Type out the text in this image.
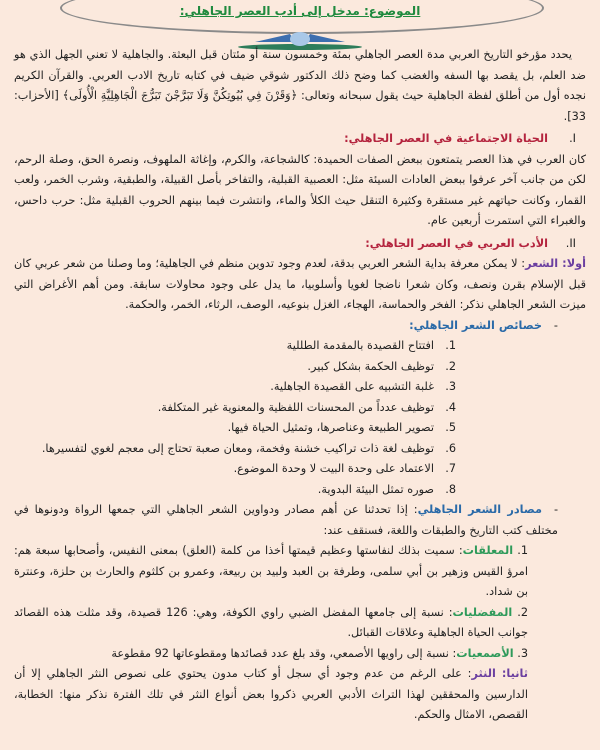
الموضوع: مدخل إلى أدب العصر الجاهلي:

يحدد مؤرخو التاريخ العربي مدة العصر الجاهلي بمئة وخمسون سنة أو مئتان قبل البعثة. والجاهلية لا تعني الجهل الذي هو ضد العلم، بل يقصد بها السفه والغضب كما وضح ذلك الدكتور شوقي ضيف في كتابه تاريخ الادب العربي. والقرآن الكريم نجده أول من أطلق لفظة الجاهلية حيث يقول سبحانه وتعالى: ﴿وَقَرْنَ فِي بُيُوتِكُنَّ وَلَا تَبَرَّجْنَ تَبَرُّجَ الْجَاهِلِيَّةِ الْأُولَى﴾ [الأحزاب: 33].

I.الحياة الاجتماعية في العصر الجاهلي:

كان العرب في هذا العصر يتمتعون ببعض الصفات الحميدة: كالشجاعة، والكرم، وإغاثة الملهوف، ونصرة الحق، وصلة الرحم، لكن من جانب آخر عرفوا ببعض العادات السيئة مثل: العصبية القبلية، والتفاخر بأصل القبيلة، والطبقية، وشرب الخمر، ولعب القمار، وكانت حياتهم غير مستقرة وكثيرة التنقل حيث الكلأ والماء، وانتشرت فيما بينهم الحروب القبلية مثل: حرب داحس، والغبراء التي استمرت أربعين عام.

II.الأدب العربي في العصر الجاهلي:

أولا: الشعر: لا يمكن معرفة بداية الشعر العربي بدقة، لعدم وجود تدوين منظم في الجاهلية؛ وما وصلنا من شعر عربي كان قبل الإسلام بقرن ونصف، وكان شعرا ناضجا لغويا وأسلوبيا، ما يدل على وجود محاولات سابقة. ومن أهم الأغراض التي ميزت الشعر الجاهلي نذكر: الفخر والحماسة، الهجاء، الغزل بنوعيه، الوصف، الرثاء، الخمر، والحكمة.

-خصائص الشعر الجاهلي:

1.افتتاح القصيدة بالمقدمة الطللية

2.توظيف الحكمة بشكل كبير.

3.غلبة التشبيه على القصيدة الجاهلية.

4.توظيف عدداً من المحسنات اللفظية والمعنوية غير المتكلفة.

5.تصوير الطبيعة وعناصرها، وتمثيل الحياة فيها.

6.توظيف لغة ذات تراكيب خشنة وفخمة، ومعان صعبة تحتاج إلى معجم لغوي لتفسيرها.

7.الاعتماد على وحدة البيت لا وحدة الموضوع.

8.صوره تمثل البيئة البدوية.

-مصادر الشعر الجاهلي: إذا تحدثنا عن أهم مصادر ودواوين الشعر الجاهلي التي جمعها الرواة ودونوها في مختلف كتب التاريخ والطبقات واللغة، فسنقف عند:

1. المعلقات: سميت بذلك لنفاستها وعظيم قيمتها أخذا من كلمة (العلق) بمعنى النفيس، وأصحابها سبعة هم: امرؤ القيس وزهير بن أبي سلمى، وطرفة بن العبد ولبيد بن ربيعة، وعمرو بن كلثوم والحارث بن حلزة، وعنترة بن شداد.

2. المفضليات: نسبة إلى جامعها المفضل الضبي راوي الكوفة، وهي: 126 قصيدة، وقد مثلت هذه القصائد جوانب الحياة الجاهلية وعلاقات القبائل.

3. الأصمعيات: نسبة إلى راويها الأصمعي، وقد بلغ عدد قصائدها ومقطوعاتها 92 مقطوعة

ثانيا: النثر: على الرغم من عدم وجود أي سجل أو كتاب مدون يحتوي على نصوص النثر الجاهلي إلا أن الدارسين والمحققين لهذا التراث الأدبي العربي ذكروا بعض أنواع النثر في تلك الفترة نذكر منها: الخطابة، القصص، الامثال والحكم.
